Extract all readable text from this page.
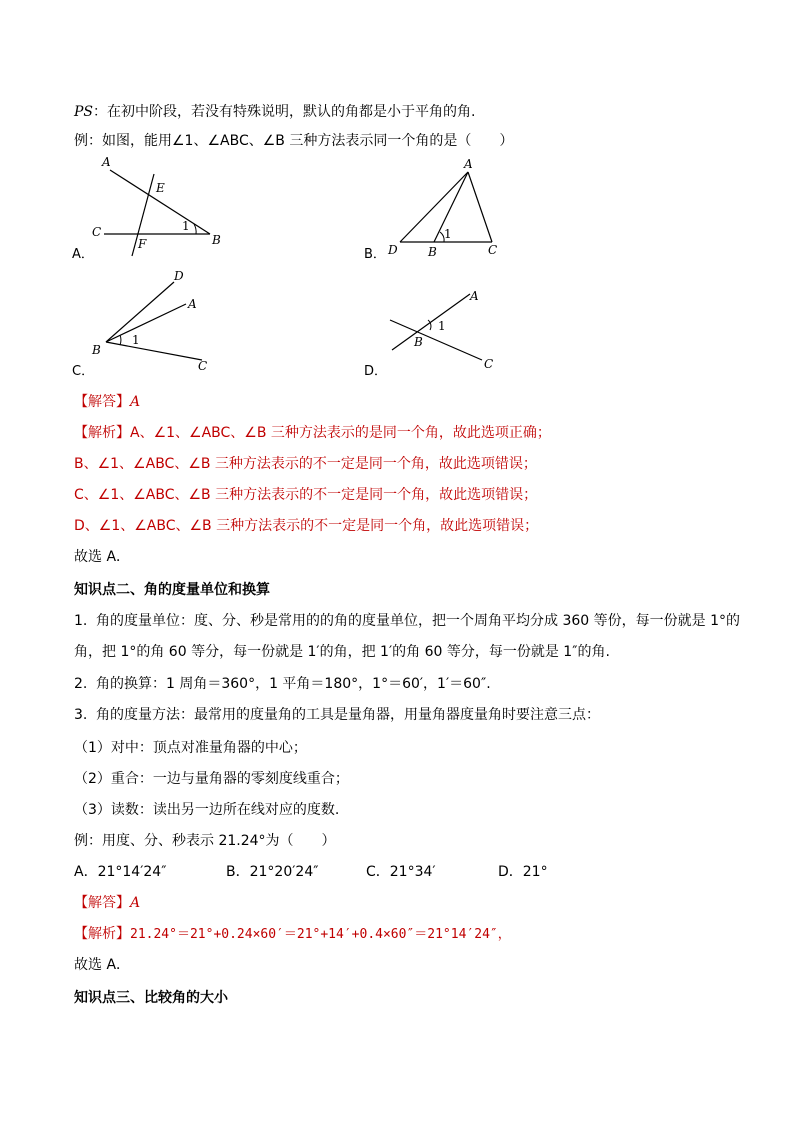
PS：在初中阶段，若没有特殊说明，默认的角都是小于平角的角.
例：如图，能用∠1、∠ABC、∠B 三种方法表示同一个角的是（　　）
A．
A
E
C
F	B
1
B．
A
D	B	C
1
C．
D
A
B
C
1
D．
A
B
C
1
【解答】A
【解析】A、∠1、∠ABC、∠B 三种方法表示的是同一个角，故此选项正确；
B、∠1、∠ABC、∠B 三种方法表示的不一定是同一个角，故此选项错误；
C、∠1、∠ABC、∠B 三种方法表示的不一定是同一个角，故此选项错误；
D、∠1、∠ABC、∠B 三种方法表示的不一定是同一个角，故此选项错误；
故选 A．
知识点二、角的度量单位和换算
1. 角的度量单位：度、分、秒是常用的的角的度量单位，把一个周角平均分成 360 等份，每一份就是 1°的
角，把 1°的角 60 等分，每一份就是 1′的角，把 1′的角 60 等分，每一份就是 1″的角.
2. 角的换算：1 周角＝360°，1 平角＝180°，1°＝60′，1′＝60″.
3. 角的度量方法：最常用的度量角的工具是量角器，用量角器度量角时要注意三点：
（1）对中：顶点对准量角器的中心；
（2）重合：一边与量角器的零刻度线重合；
（3）读数：读出另一边所在线对应的度数.
例：用度、分、秒表示 21.24°为（　　）
A．21°14′24″	B．21°20′24″	C．21°34′	D．21°
【解答】A
【解析】21.24°＝21°+0.24×60′＝21°+14′+0.4×60″＝21°14′24″，
故选 A．
知识点三、比较角的大小
